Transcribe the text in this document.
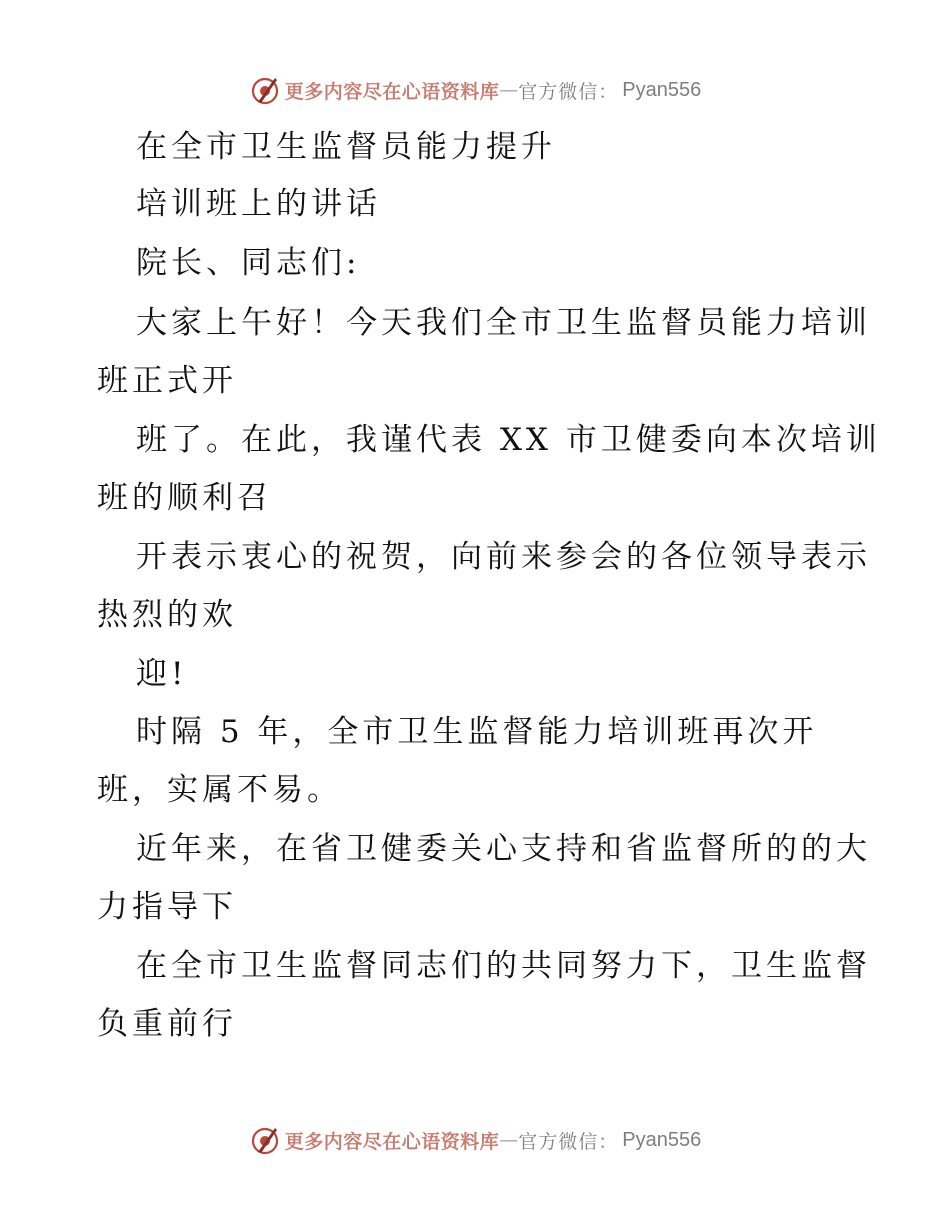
更多内容尽在心语资料库 — 官方微信： Pyan556
在全市卫生监督员能力提升
培训班上的讲话
院长、同志们:
大家上午好！今天我们全市卫生监督员能力培训
班正式开
班了。在此，我谨代表 XX 市卫健委向本次培训
班的顺利召
开表示衷心的祝贺，向前来参会的各位领导表示
热烈的欢
迎!
时隔 5 年，全市卫生监督能力培训班再次开
班，实属不易。
近年来，在省卫健委关心支持和省监督所的的大
力指导下
在全市卫生监督同志们的共同努力下，卫生监督
负重前行
更多内容尽在心语资料库 — 官方微信： Pyan556
